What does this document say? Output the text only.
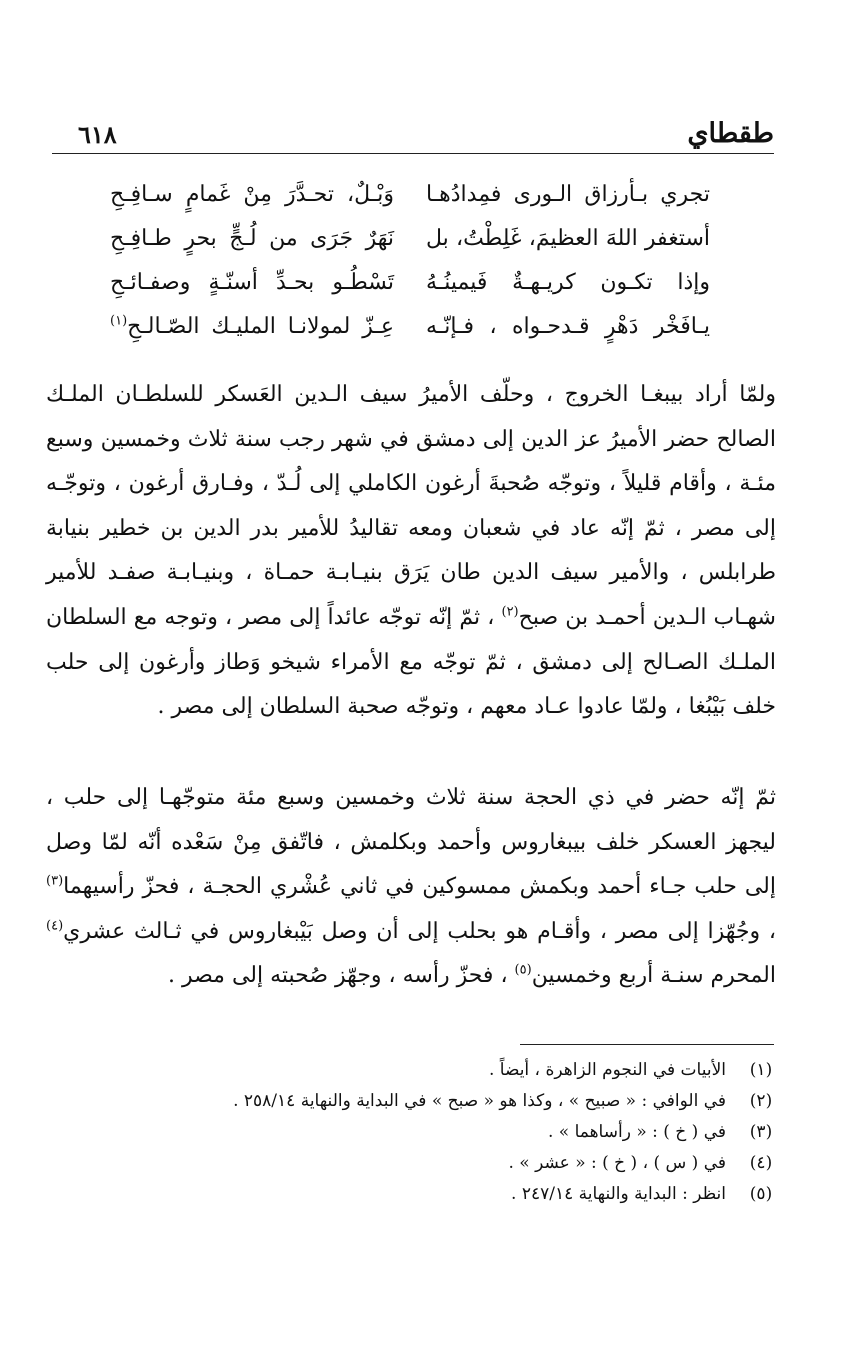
طقطاي
٦١٨
تجري بـأرزاق الـورى فمِدادُهـا
وَبْـلٌ، تحـدَّرَ مِنْ غَمامٍ سـافِـحِ
أستغفر اللهَ العظيمَ، غَلِطْتُ، بل
نَهَرٌ جَرَى من لُـجٍّ بحرٍ طـافِـحِ
وإذا تكـون كريـهـةٌ فَيمينُـهُ
تَسْطُـو بحـدِّ أسنّـةٍ وصفـائـحِ
يـافَخْر دَهْرٍ قـدحـواه ، فـإنّـه
عِـزّ لمولانـا المليـك الصّـالـحِ$^{(١)}$
ولمّا أراد بيبغـا الخروج ، وحلّف الأميرُ سيف الـدين العَسكر للسلطـان الملـك الصالح حضر الأميرُ عز الدين إلى دمشق في شهر رجب سنة ثلاث وخمسين وسبع مئـة ، وأقام قليلاً ، وتوجّه صُحبةَ أرغون الكاملي إلى لُـدّ ، وفـارق أرغون ، وتوجّـه إلى مصر ، ثمّ إنّه عاد في شعبان ومعه تقاليدُ للأمير بدر الدين بن خطير بنيابة طرابلس ، والأمير سيف الدين طان يَرَق بنيـابـة حمـاة ، وبنيـابـة صفـد للأمير شهـاب الـدين أحمـد بن صبح$^{(٢)}$ ، ثمّ إنّه توجّه عائداً إلى مصر ، وتوجه مع السلطان الملـك الصـالح إلى دمشق ، ثمّ توجّه مع الأمراء شيخو وَطاز وأرغون إلى حلب خلف بَيْبُغا ، ولمّا عادوا عـاد معهم ، وتوجّه صحبة السلطان إلى مصر .
ثمّ إنّه حضر في ذي الحجة سنة ثلاث وخمسين وسبع مئة متوجّهـا إلى حلب ، ليجهز العسكر خلف بيبغاروس وأحمد وبكلمش ، فاتّفق مِنْ سَعْده أنّه لمّا وصل إلى حلب جـاء أحمد وبكمش ممسوكين في ثاني عُشْري الحجـة ، فحزّ رأسيهما$^{(٣)}$ ، وجُهّزا إلى مصر ، وأقـام هو بحلب إلى أن وصل بَيْبغاروس في ثـالث عشري$^{(٤)}$ المحرم سنـة أربع وخمسين$^{(٥)}$ ، فحزّ رأسه ، وجهّز صُحبته إلى مصر .
(١)
الأبيات في النجوم الزاهرة ، أيضاً .
(٢)
في الوافي : « صبيح » ، وكذا هو « صبح » في البداية والنهاية ٢٥٨/١٤ .
(٣)
في ( خ ) : « رأساهما » .
(٤)
في ( س ) ، ( خ ) : « عشر » .
(٥)
انظر : البداية والنهاية ٢٤٧/١٤ .
